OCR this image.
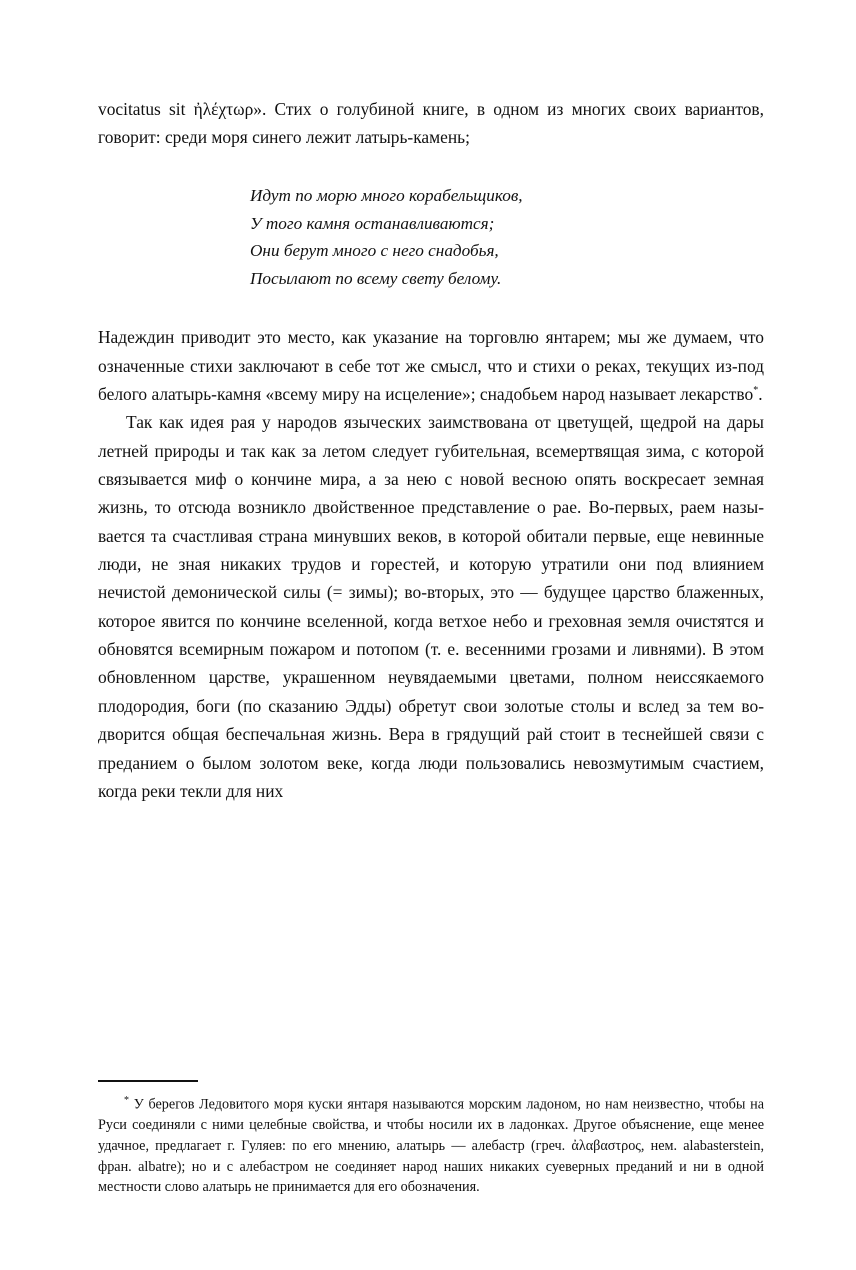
vocitatus sit ἠλέχτωρ». Стих о голубиной книге, в одном из многих своих вариантов, говорит: среди моря синего лежит латырь-камень;

Идут по морю много корабельщиков,
У того камня останавливаются;
Они берут много с него снадобья,
Посылают по всему свету белому.

Надеждин приводит это место, как указание на торговлю янтарем; мы же думаем, что означенные стихи заключают в себе тот же смысл, что и стихи о реках, текущих из-под белого алатырь-камня «всему миру на исцеление»; снадобьем народ называет лекарство*.

Так как идея рая у народов языческих заимствована от цветущей, щедрой на дары летней природы и так как за летом следует губительная, всемертвящая зима, с которой связывается миф о кончине мира, а за нею с новой весною опять воскресает земная жизнь, то отсюда возникло двойственное представление о рае. Во-первых, раем называется та счастливая страна минувших веков, в которой обитали первые, еще невинные люди, не зная никаких трудов и горестей, и которую утратили они под влиянием нечистой демонической силы (= зимы); во-вторых, это — будущее царство блаженных, которое явится по кончине вселенной, когда ветхое небо и греховная земля очистятся и обновятся всемирным пожаром и потопом (т. е. весенними грозами и ливнями). В этом обновленном царстве, украшенном неувядаемыми цветами, полном неиссякаемого плодородия, боги (по сказанию Эдды) обретут свои золотые столы и вслед за тем водворится общая беспечальная жизнь. Вера в грядущий рай стоит в теснейшей связи с преданием о былом золотом веке, когда люди пользовались невозмутимым счастием, когда реки текли для них

* У берегов Ледовитого моря куски янтаря называются морским ладоном, но нам неизвестно, чтобы на Руси соединяли с ними целебные свойства, и чтобы носили их в ладонках. Другое объяснение, еще менее удачное, предлагает г. Гуляев: по его мнению, алатырь — алебастр (греч. ἀλαβαστρος, нем. alabasterstein, фран. albatre); но и с алебастром не соединяет народ наших никаких суеверных преданий и ни в одной местности слово алатырь не принимается для его обозначения.
